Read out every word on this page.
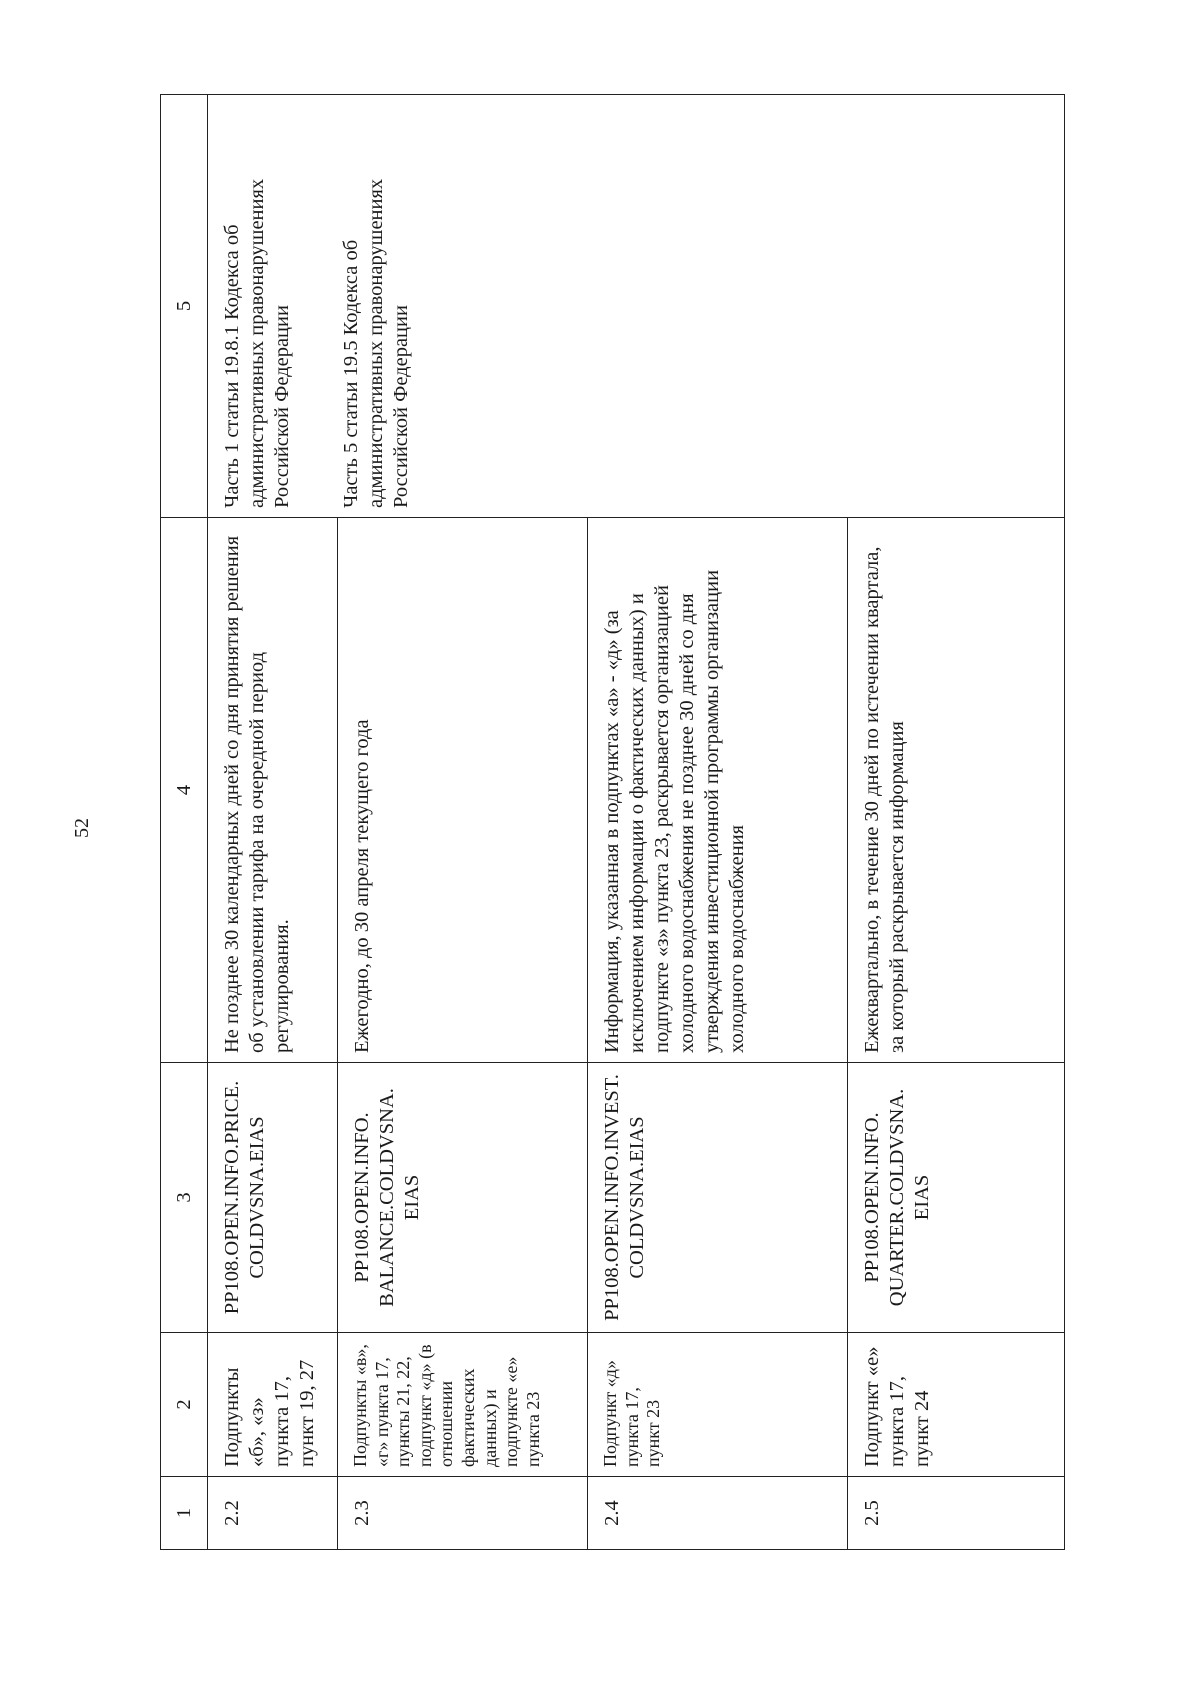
52
1	2	3	4	5
2.2	Подпункты «б», «з» пункта 17, пункт 19, 27	PP108.OPEN.INFO.PRICE. COLDVSNA.EIAS	Не позднее 30 календарных дней со дня принятия решения об установлении тарифа на очередной период регулирования.	Часть 1 статьи 19.8.1 Кодекса об административных правонарушениях Российской Федерации Часть 5 статьи 19.5 Кодекса об административных правонарушениях Российской Федерации

2.3	Подпункты «в», «г» пункта 17, пункты 21, 22, подпункт «д» (в отношении фактических данных) и подпункте «е» пункта 23	PP108.OPEN.INFO. BALANCE.COLDVSNA. EIAS	Ежегодно, до 30 апреля текущего года	
2.4	Подпункт «д» пункта 17, пункт 23	PP108.OPEN.INFO.INVEST. COLDVSNA.EIAS	Информация, указанная в подпунктах «а» - «д» (за исключением информации о фактических данных) и подпункте «з» пункта 23, раскрывается организацией холодного водоснабжения не позднее 30 дней со дня утверждения инвестиционной программы организации холодного водоснабжения	
2.5	Подпункт «е» пункта 17, пункт 24	PP108.OPEN.INFO. QUARTER.COLDVSNA. EIAS	Ежеквартально, в течение 30 дней по истечении квартала, за который раскрывается информация	
